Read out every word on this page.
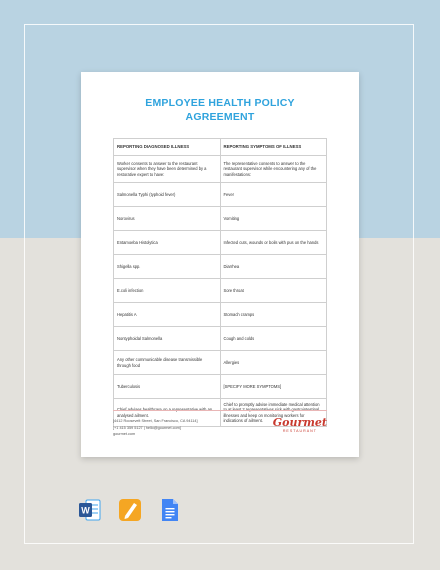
EMPLOYEE HEALTH POLICY
AGREEMENT
REPORTING DIAGNOSED ILLNESS	REPORTING SYMPTOMS OF ILLNESS
Worker consents to answer to the restaurant supervisor when they have been determined by a restorative expert to have:	The representative consents to answer to the restaurant supervisor while encountering any of the manifestations:
Salmonella Typhi (typhoid fever)	Fever
Norovirus	Vomiting
Entamoeba Histolytica	Infected cuts, wounds or boils with pus on the hands
Shigella spp.	Diarrhea
E.coli infection	Sore throat
Hepatitis A	Stomach cramps
Nontyphoidal Salmonella	Cough and colds
Any other communicable disease transmissible through food	Allergies
Tuberculosis	[SPECIFY MORE SYMPTOMS]
analysed ailment.	Chief to promptly advise immediate medical attention illnesses and keep on monitoring workers for indications of ailment.
[4412 Roosevelt Street, San Francisco, CA 94114]
[+1 415 359 5127 | hello@gourmet.com]
gourmet.com
Gourmet
RESTAURANT
W
